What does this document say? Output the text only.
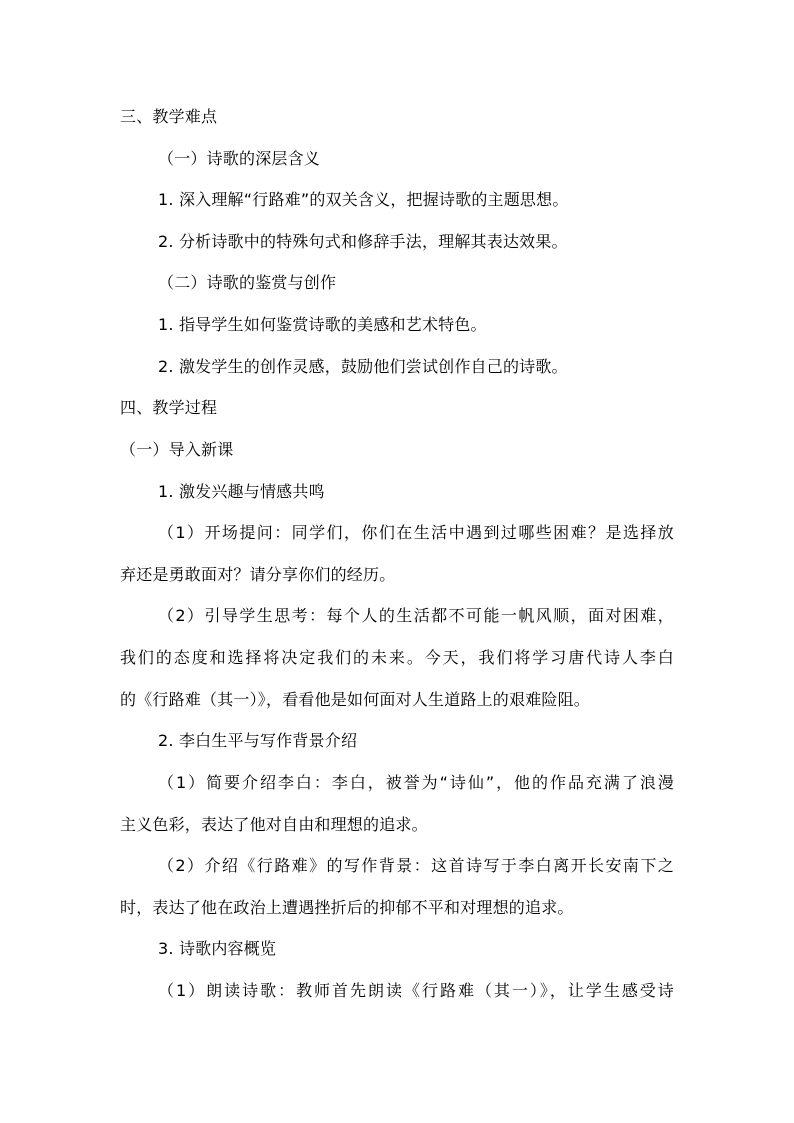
三、教学难点
（一）诗歌的深层含义
1. 深入理解“行路难”的双关含义，把握诗歌的主题思想。
2. 分析诗歌中的特殊句式和修辞手法，理解其表达效果。
（二）诗歌的鉴赏与创作
1. 指导学生如何鉴赏诗歌的美感和艺术特色。
2. 激发学生的创作灵感，鼓励他们尝试创作自己的诗歌。
四、教学过程
（一）导入新课
1. 激发兴趣与情感共鸣
（1）开场提问：同学们，你们在生活中遇到过哪些困难？是选择放
弃还是勇敢面对？请分享你们的经历。
（2）引导学生思考：每个人的生活都不可能一帆风顺，面对困难，
我们的态度和选择将决定我们的未来。今天，我们将学习唐代诗人李白
的《行路难（其一）》，看看他是如何面对人生道路上的艰难险阻。
2. 李白生平与写作背景介绍
（1）简要介绍李白：李白，被誉为“诗仙”，他的作品充满了浪漫
主义色彩，表达了他对自由和理想的追求。
（2）介绍《行路难》的写作背景：这首诗写于李白离开长安南下之
时，表达了他在政治上遭遇挫折后的抑郁不平和对理想的追求。
3. 诗歌内容概览
（1）朗读诗歌：教师首先朗读《行路难（其一）》，让学生感受诗
